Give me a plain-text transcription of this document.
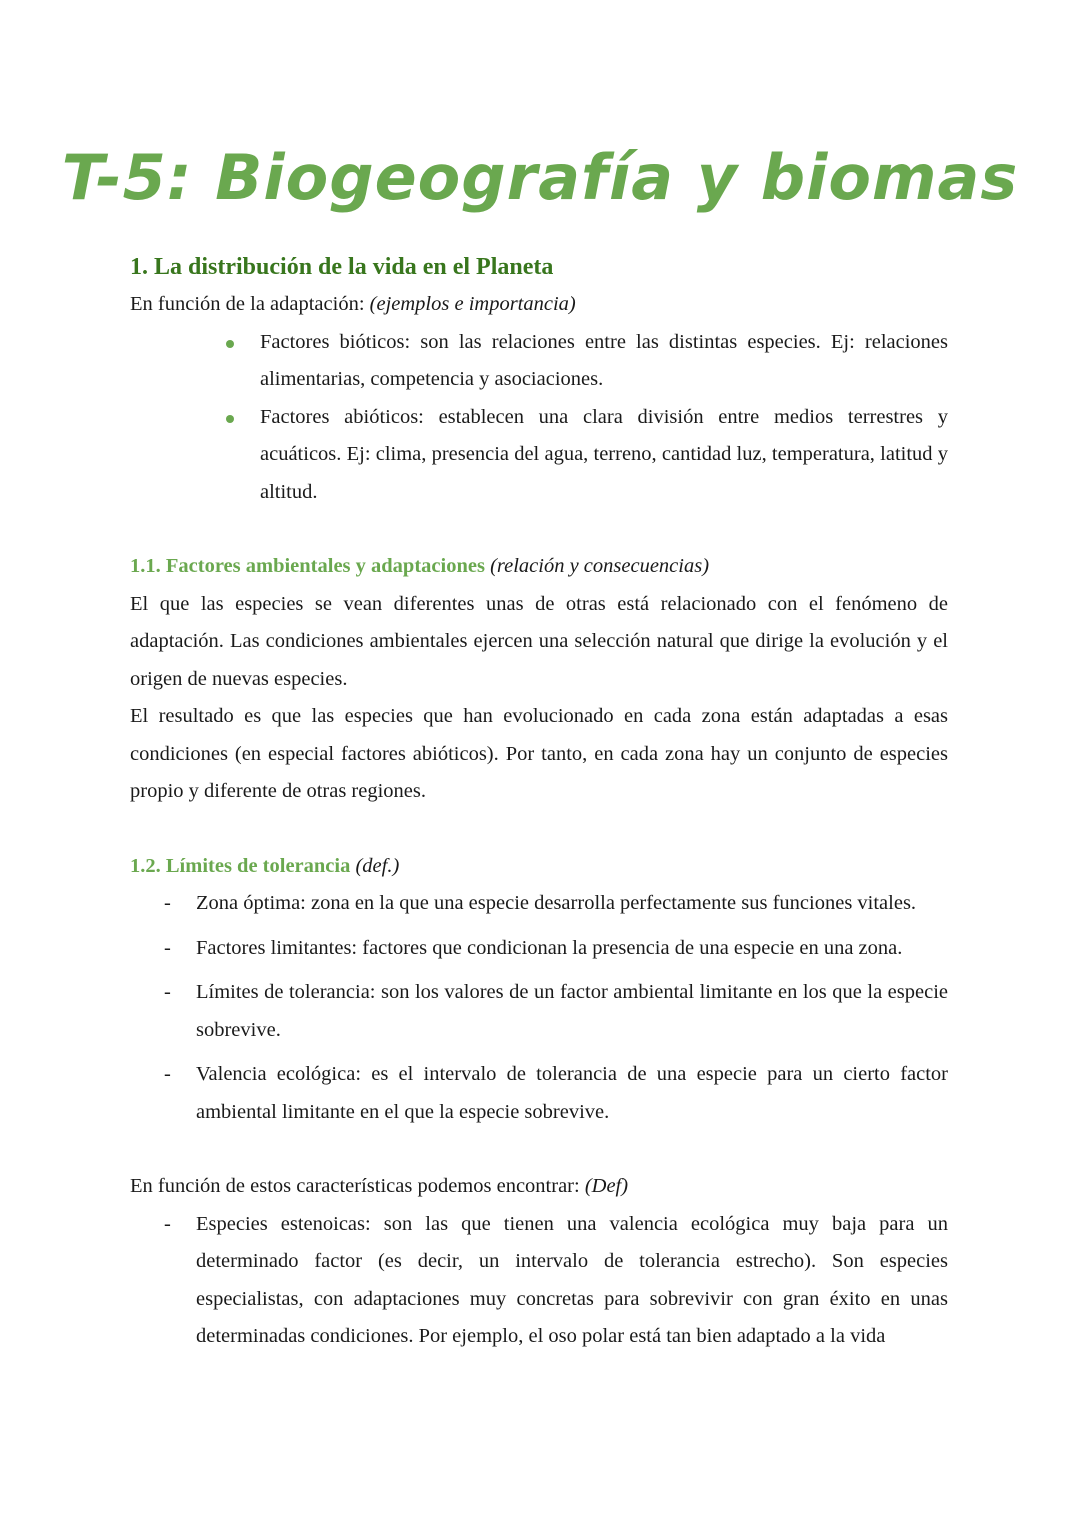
T-5: Biogeografía y biomas
1. La distribución de la vida en el Planeta

En función de la adaptación: (ejemplos e importancia)

Factores bióticos: son las relaciones entre las distintas especies. Ej: relaciones alimentarias, competencia y asociaciones.
Factores abióticos: establecen una clara división entre medios terrestres y acuáticos. Ej: clima, presencia del agua, terreno, cantidad luz, temperatura, latitud y altitud.

1.1. Factores ambientales y adaptaciones (relación y consecuencias)

El que las especies se vean diferentes unas de otras está relacionado con el fenómeno de adaptación. Las condiciones ambientales ejercen una selección natural que dirige la evolución y el origen de nuevas especies.

El resultado es que las especies que han evolucionado en cada zona están adaptadas a esas condiciones (en especial factores abióticos). Por tanto, en cada zona hay un conjunto de especies propio y diferente de otras regiones.

1.2. Límites de tolerancia (def.)

- Zona óptima: zona en la que una especie desarrolla perfectamente sus funciones vitales.
- Factores limitantes: factores que condicionan la presencia de una especie en una zona.
- Límites de tolerancia: son los valores de un factor ambiental limitante en los que la especie sobrevive.
- Valencia ecológica: es el intervalo de tolerancia de una especie para un cierto factor ambiental limitante en el que la especie sobrevive.

En función de estos características podemos encontrar: (Def)

- Especies estenoicas: son las que tienen una valencia ecológica muy baja para un determinado factor (es decir, un intervalo de tolerancia estrecho). Son especies especialistas, con adaptaciones muy concretas para sobrevivir con gran éxito en unas determinadas condiciones. Por ejemplo, el oso polar está tan bien adaptado a la vida
